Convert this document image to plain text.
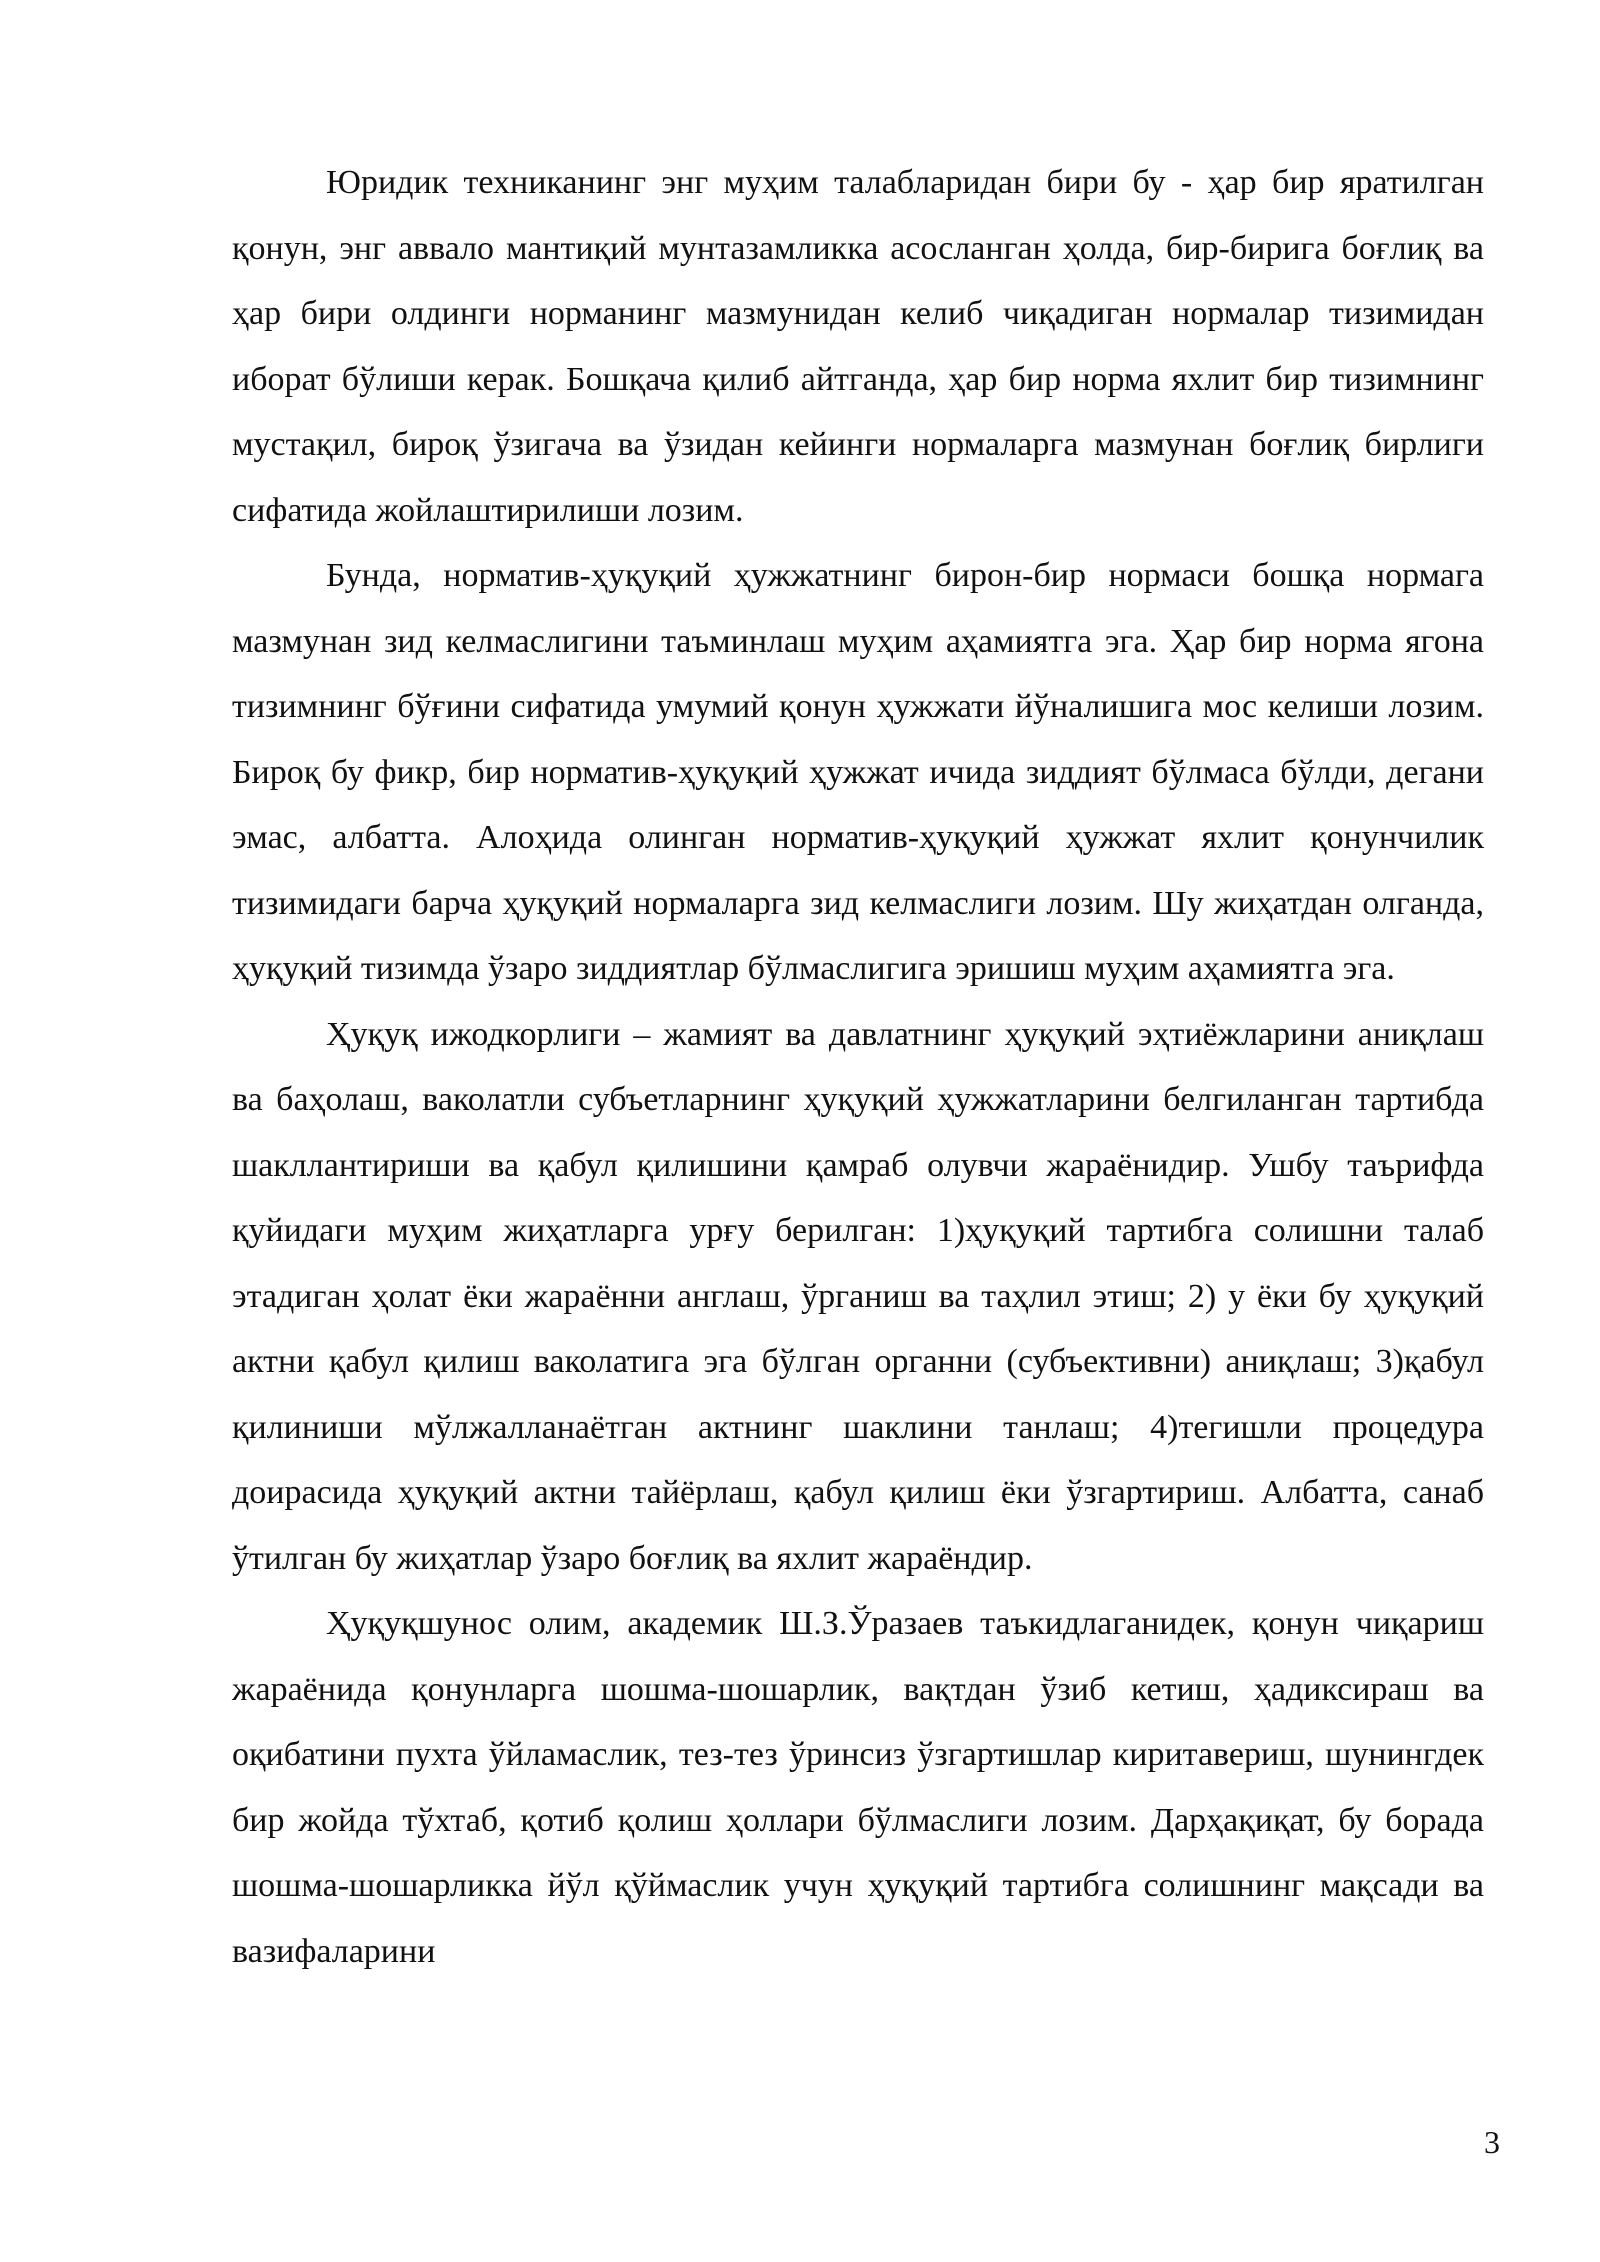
Юридик техниканинг энг муҳим талабларидан бири бу - ҳар бир яратилган қонун, энг аввало мантиқий мунтазамликка асосланган ҳолда, бир-бирига боғлиқ ва ҳар бири олдинги норманинг мазмунидан келиб чиқадиган нормалар тизимидан иборат бўлиши керак. Бошқача қилиб айтганда, ҳар бир норма яхлит бир тизимнинг мустақил, бироқ ўзигача ва ўзидан кейинги нормаларга мазмунан боғлиқ бирлиги сифатида жойлаштирилиши лозим.

Бунда, норматив-ҳуқуқий ҳужжатнинг бирон-бир нормаси бошқа нормага мазмунан зид келмаслигини таъминлаш муҳим аҳамиятга эга. Ҳар бир норма ягона тизимнинг бўғини сифатида умумий қонун ҳужжати йўналишига мос келиши лозим. Бироқ бу фикр, бир норматив-ҳуқуқий ҳужжат ичида зиддият бўлмаса бўлди, дегани эмас, албатта. Алоҳида олинган норматив-ҳуқуқий ҳужжат яхлит қонунчилик тизимидаги барча ҳуқуқий нормаларга зид келмаслиги лозим. Шу жиҳатдан олганда, ҳуқуқий тизимда ўзаро зиддиятлар бўлмаслигига эришиш муҳим аҳамиятга эга.

Ҳуқуқ ижодкорлиги – жамият ва давлатнинг ҳуқуқий эҳтиёжларини аниқлаш ва баҳолаш, ваколатли субъетларнинг ҳуқуқий ҳужжатларини белгиланган тартибда шакллантириши ва қабул қилишини қамраб олувчи жараёнидир. Ушбу таърифда қуйидаги муҳим жиҳатларга урғу берилган: 1)ҳуқуқий тартибга солишни талаб этадиган ҳолат ёки жараённи англаш, ўрганиш ва таҳлил этиш; 2) у ёки бу ҳуқуқий актни қабул қилиш ваколатига эга бўлган органни (субъективни) аниқлаш; 3)қабул қилиниши мўлжалланаётган актнинг шаклини танлаш; 4)тегишли процедура доирасида ҳуқуқий актни тайёрлаш, қабул қилиш ёки ўзгартириш. Албатта, санаб ўтилган бу жиҳатлар ўзаро боғлиқ ва яхлит жараёндир.

Ҳуқуқшунос олим, академик Ш.З.Ўразаев таъкидлаганидек, қонун чиқариш жараёнида қонунларга шошма-шошарлик, вақтдан ўзиб кетиш, ҳадиксираш ва оқибатини пухта ўйламаслик, тез-тез ўринсиз ўзгартишлар киритавериш, шунингдек бир жойда тўхтаб, қотиб қолиш ҳоллари бўлмаслиги лозим. Дарҳақиқат, бу борада шошма-шошарликка йўл қўймаслик учун ҳуқуқий тартибга солишнинг мақсади ва вазифаларини

3
